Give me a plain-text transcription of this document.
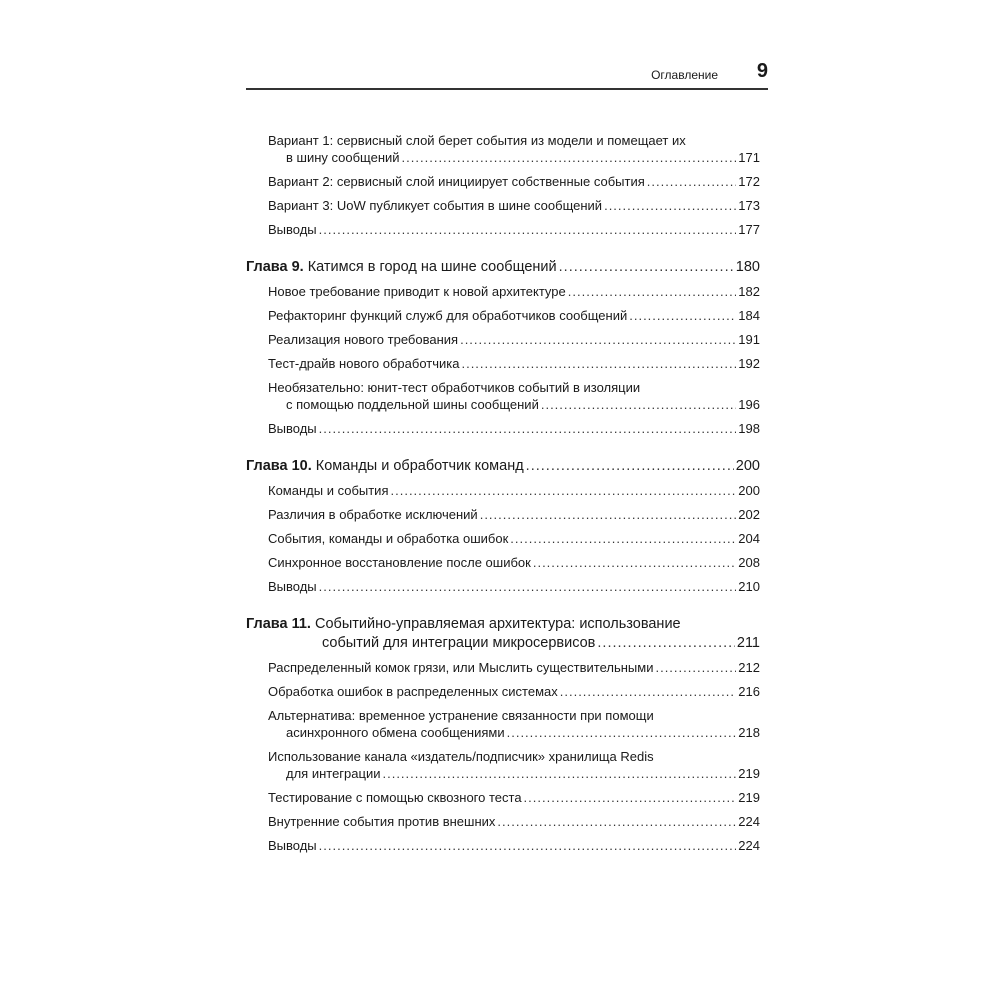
Оглавление 9
Вариант 1: сервисный слой берет события из модели и помещает их
в шину сообщений .....	171
Вариант 2: сервисный слой инициирует собственные события .....	172
Вариант 3: UoW публикует события в шине сообщений .....	173
Выводы .....	177
Глава 9.
Катимся в город на шине сообщений .....	180
Новое требование приводит к новой архитектуре .....	182
Рефакторинг функций служб для обработчиков сообщений .....	184
Реализация нового требования .....	191
Тест-драйв нового обработчика .....	192
Необязательно: юнит-тест обработчиков событий в изоляции
с помощью поддельной шины сообщений .....	196
Выводы .....	198
Глава 10.
Команды и обработчик команд .....	200
Команды и события .....	200
Различия в обработке исключений .....	202
События, команды и обработка ошибок .....	204
Синхронное восстановление после ошибок .....	208
Выводы .....	210
Глава 11.
Событийно-управляемая архитектура: использование
событий для интеграции микросервисов .....	211
Распределенный комок грязи, или Мыслить существительными .....	212
Обработка ошибок в распределенных системах .....	216
Альтернатива: временное устранение связанности при помощи
асинхронного обмена сообщениями .....	218
Использование канала «издатель/подписчик» хранилища Redis
для интеграции .....	219
Тестирование с помощью сквозного теста .....	219
Внутренние события против внешних .....	224
Выводы .....	224
